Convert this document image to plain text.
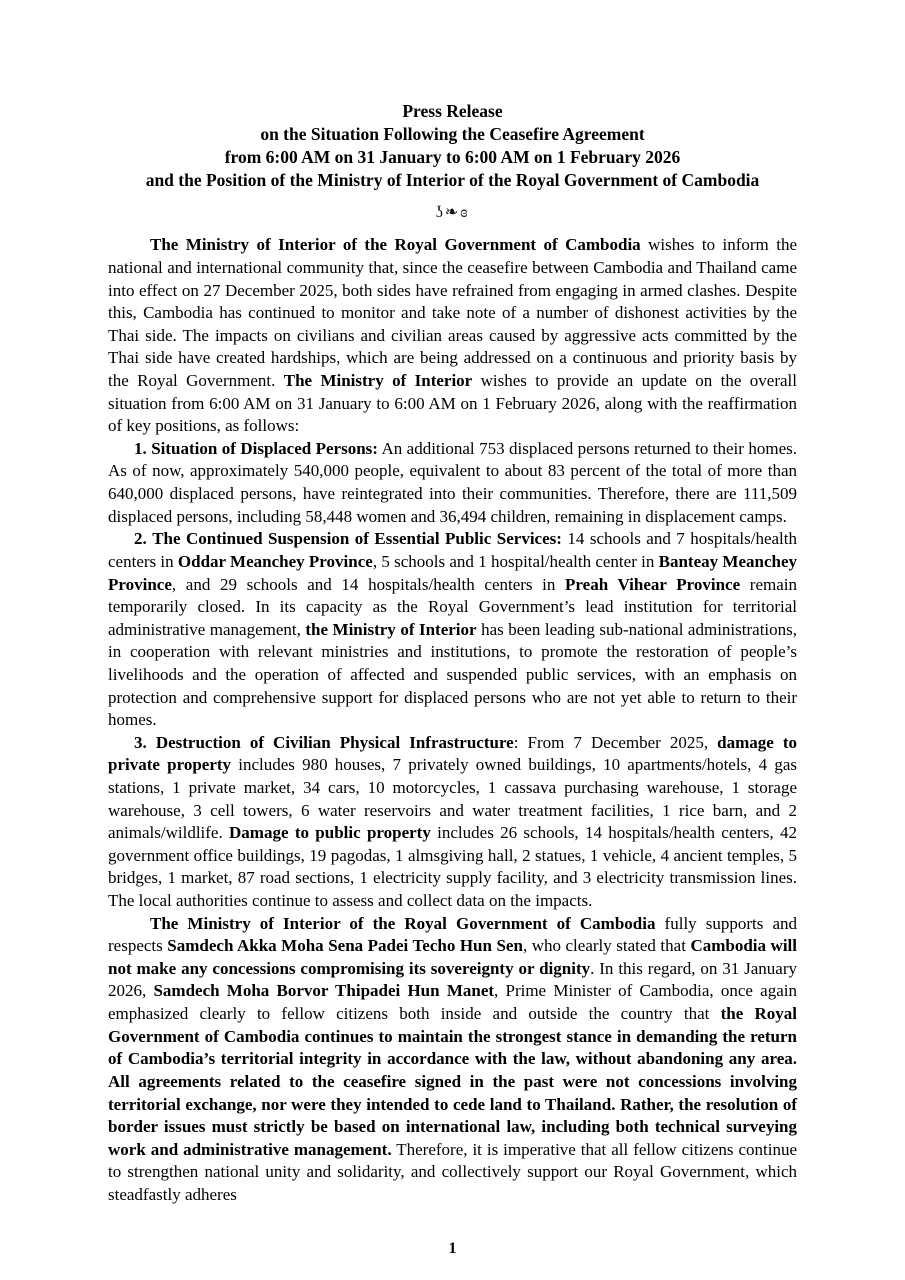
Press Release
on the Situation Following the Ceasefire Agreement
from 6:00 AM on 31 January to 6:00 AM on 1 February 2026
and the Position of the Ministry of Interior of the Royal Government of Cambodia
ʖ❧ɞ

The Ministry of Interior of the Royal Government of Cambodia wishes to inform the national and international community that, since the ceasefire between Cambodia and Thailand came into effect on 27 December 2025, both sides have refrained from engaging in armed clashes. Despite this, Cambodia has continued to monitor and take note of a number of dishonest activities by the Thai side. The impacts on civilians and civilian areas caused by aggressive acts committed by the Thai side have created hardships, which are being addressed on a continuous and priority basis by the Royal Government. The Ministry of Interior wishes to provide an update on the overall situation from 6:00 AM on 31 January to 6:00 AM on 1 February 2026, along with the reaffirmation of key positions, as follows:

1. Situation of Displaced Persons: An additional 753 displaced persons returned to their homes. As of now, approximately 540,000 people, equivalent to about 83 percent of the total of more than 640,000 displaced persons, have reintegrated into their communities. Therefore, there are 111,509 displaced persons, including 58,448 women and 36,494 children, remaining in displacement camps.

2. The Continued Suspension of Essential Public Services: 14 schools and 7 hospitals/health centers in Oddar Meanchey Province, 5 schools and 1 hospital/health center in Banteay Meanchey Province, and 29 schools and 14 hospitals/health centers in Preah Vihear Province remain temporarily closed. In its capacity as the Royal Government’s lead institution for territorial administrative management, the Ministry of Interior has been leading sub-national administrations, in cooperation with relevant ministries and institutions, to promote the restoration of people’s livelihoods and the operation of affected and suspended public services, with an emphasis on protection and comprehensive support for displaced persons who are not yet able to return to their homes.

3. Destruction of Civilian Physical Infrastructure: From 7 December 2025, damage to private property includes 980 houses, 7 privately owned buildings, 10 apartments/hotels, 4 gas stations, 1 private market, 34 cars, 10 motorcycles, 1 cassava purchasing warehouse, 1 storage warehouse, 3 cell towers, 6 water reservoirs and water treatment facilities, 1 rice barn, and 2 animals/wildlife. Damage to public property includes 26 schools, 14 hospitals/health centers, 42 government office buildings, 19 pagodas, 1 almsgiving hall, 2 statues, 1 vehicle, 4 ancient temples, 5 bridges, 1 market, 87 road sections, 1 electricity supply facility, and 3 electricity transmission lines. The local authorities continue to assess and collect data on the impacts.

The Ministry of Interior of the Royal Government of Cambodia fully supports and respects Samdech Akka Moha Sena Padei Techo Hun Sen, who clearly stated that Cambodia will not make any concessions compromising its sovereignty or dignity. In this regard, on 31 January 2026, Samdech Moha Borvor Thipadei Hun Manet, Prime Minister of Cambodia, once again emphasized clearly to fellow citizens both inside and outside the country that the Royal Government of Cambodia continues to maintain the strongest stance in demanding the return of Cambodia’s territorial integrity in accordance with the law, without abandoning any area. All agreements related to the ceasefire signed in the past were not concessions involving territorial exchange, nor were they intended to cede land to Thailand. Rather, the resolution of border issues must strictly be based on international law, including both technical surveying work and administrative management. Therefore, it is imperative that all fellow citizens continue to strengthen national unity and solidarity, and collectively support our Royal Government, which steadfastly adheres

1
